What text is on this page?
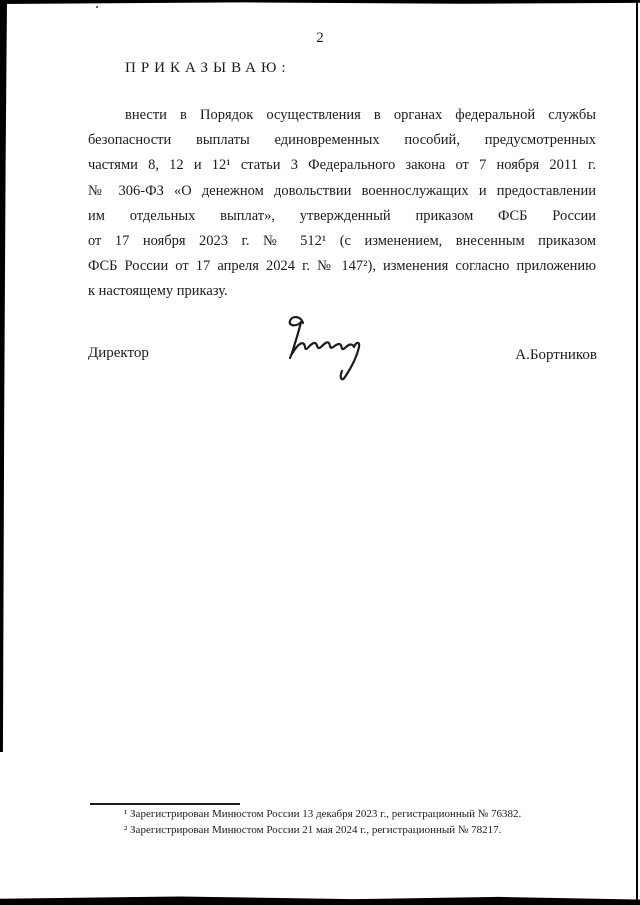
2
ПРИКАЗЫВАЮ:
внести в Порядок осуществления в органах федеральной службы
безопасности выплаты единовременных пособий, предусмотренных
частями 8, 12 и 12¹ статьи 3 Федерального закона от 7 ноября 2011 г.
№ 306-ФЗ «О денежном довольствии военнослужащих и предоставлении
им отдельных выплат», утвержденный приказом ФСБ России
от 17 ноября 2023 г. № 512¹ (с изменением, внесенным приказом
ФСБ России от 17 апреля 2024 г. № 147²), изменения согласно приложению
к настоящему приказу.
Директор	А.Бортников
¹ Зарегистрирован Минюстом России 13 декабря 2023 г., регистрационный № 76382.
² Зарегистрирован Минюстом России 21 мая 2024 г., регистрационный № 78217.
